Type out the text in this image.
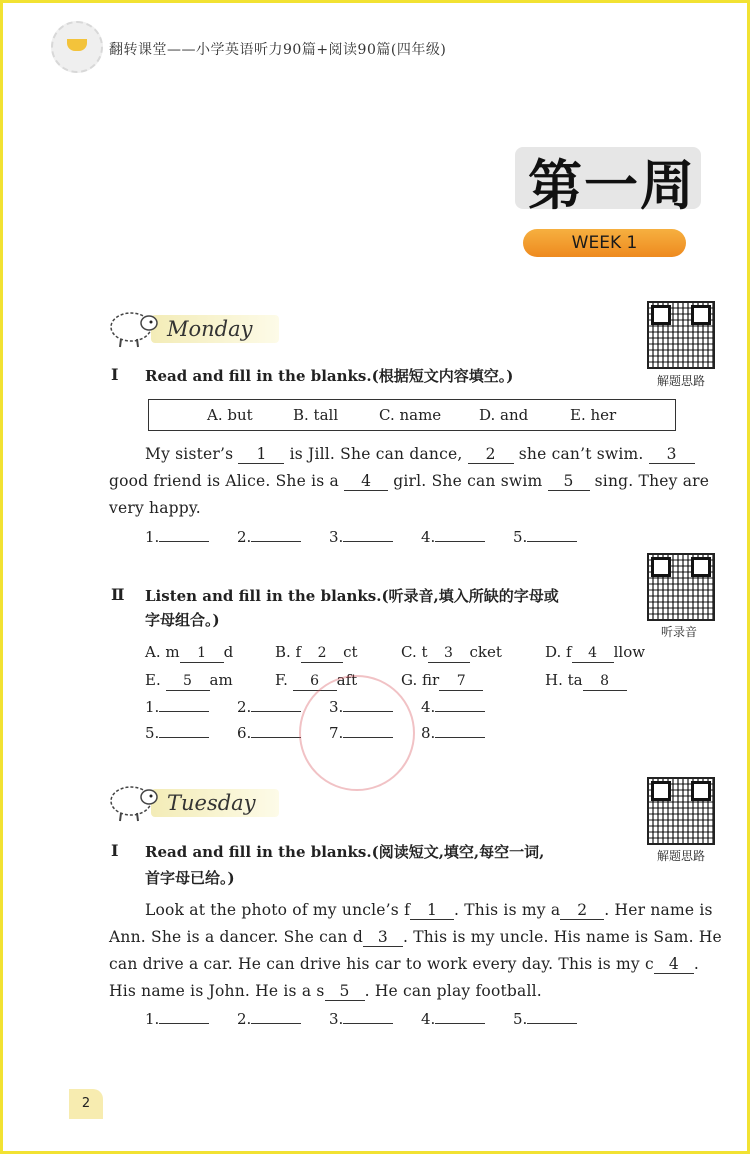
翻转课堂——小学英语听力90篇+阅读90篇(四年级)
第一周
WEEK 1
Monday
解题思路
Ⅰ Read and fill in the blanks.(根据短文内容填空。)
A. but	B. tall	C. name	D. and	E. her
My sister’s 1 is Jill. She can dance, 2 she can’t swim. 3
good friend is Alice. She is a 4 girl. She can swim 5 sing. They are
very happy.
1.	2.	3.	4.	5.
听录音
Ⅱ Listen and fill in the blanks.(听录音,填入所缺的字母或
字母组合。)
A. m 1 d	B. f 2 ct	C. t 3 cket	D. f 4 llow
E. 5 am	F. 6 aft	G. fir 7	H. ta 8
1.	2.	3.	4.
5.	6.	7.	8.
Tuesday
解题思路
Ⅰ Read and fill in the blanks.(阅读短文,填空,每空一词,
首字母已给。)
Look at the photo of my uncle’s f 1 . This is my a 2 . Her name is
Ann. She is a dancer. She can d 3 . This is my uncle. His name is Sam. He
can drive a car. He can drive his car to work every day. This is my c 4 .
His name is John. He is a s 5 . He can play football.
1.	2.	3.	4.	5.
2
